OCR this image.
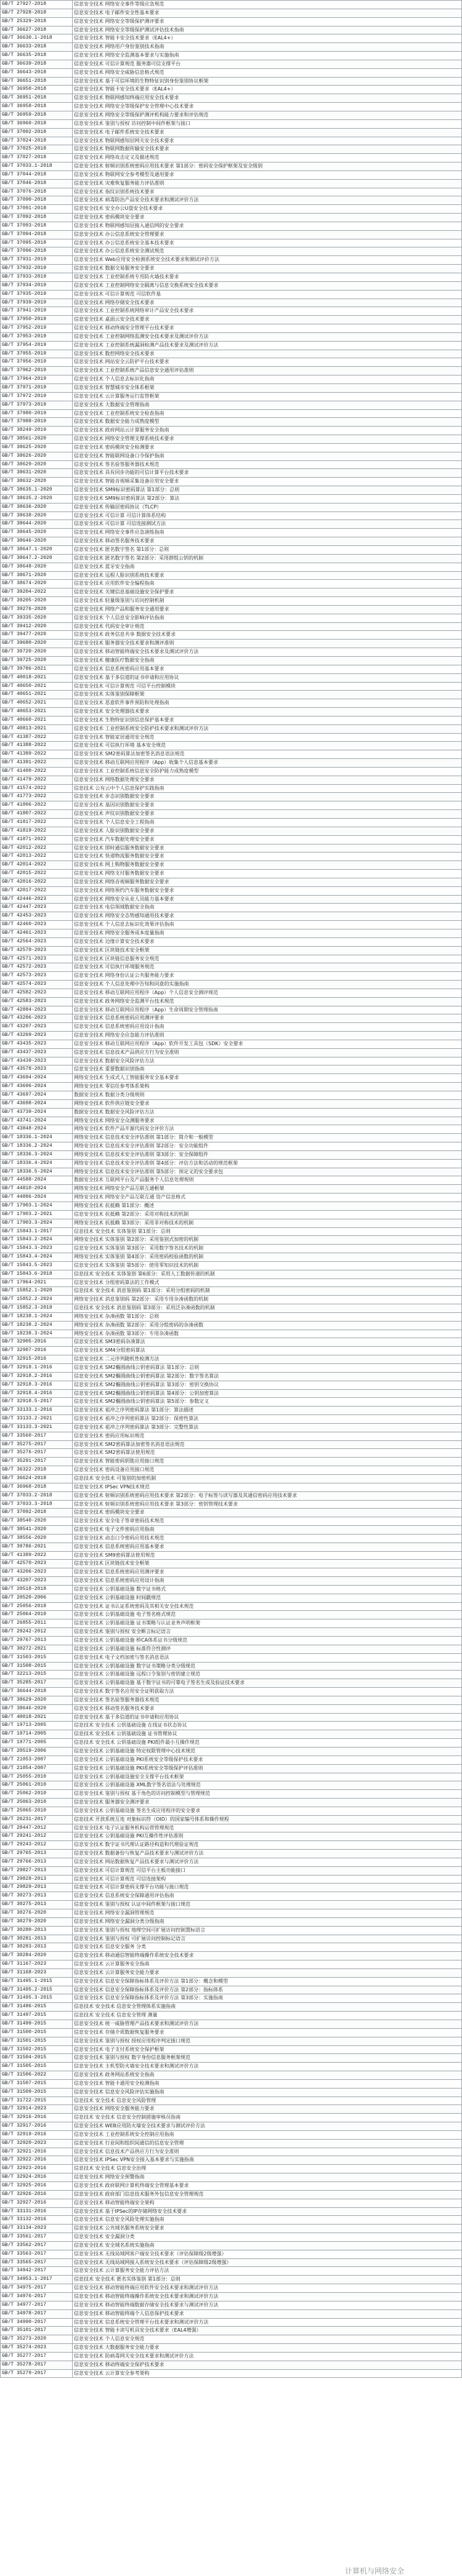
GB/T 27927-2018	信息安全技术 网络安全事件等级应急规范
GB/T 27928-2018	信息安全技术 电子邮件安全性基本要求
GB/T 25329-2018	信息安全技术 网络安全等级保护测评要求
GB/T 36627-2018	信息安全技术 网络安全等级保护测试评估技术指南
GB/T 36630.1-2018	信息安全技术 智能卡安全技术要求（EAL4+）
GB/T 36633-2018	信息安全技术 网络用户身份鉴别技术指南
GB/T 36635-2018	信息安全技术 网络安全监测基本要求与实施指南
GB/T 36639-2018	信息安全技术 可信计算规范 服务器可信支撑平台
GB/T 36643-2018	信息安全技术 网络安全威胁信息格式规范
GB/T 36651-2018	信息安全技术 基于可信环境的生物特征识别身份鉴别协议框架
GB/T 36950-2018	信息安全技术 智能卡安全技术要求（EAL4+）
GB/T 36951-2018	信息安全技术 物联网感知终端应用安全技术要求
GB/T 36958-2018	信息安全技术 网络安全等级保护安全管理中心技术要求
GB/T 36959-2018	信息安全技术 网络安全等级保护测评机构能力要求和评估规范
GB/T 36960-2018	信息安全技术 鉴别与授权 访问控制中间件框架与接口
GB/T 37002-2018	信息安全技术 电子邮件系统安全技术要求
GB/T 37024-2018	信息安全技术 物联网感知层网关安全技术要求
GB/T 37025-2018	信息安全技术 物联网数据传输安全技术要求
GB/T 37027-2018	信息安全技术 网络攻击定义及描述规范
GB/T 37033.1-2018	信息安全技术 射频识别系统密码应用技术要求 第1部分：密码安全保护框架及安全级别
GB/T 37044-2018	信息安全技术 物联网安全参考模型及通用要求
GB/T 37046-2018	信息安全技术 灾难恢复服务能力评估准则
GB/T 37076-2018	信息安全技术 指纹识别系统技术要求
GB/T 37090-2018	信息安全技术 病毒防治产品安全技术要求和测试评价方法
GB/T 37091-2018	信息安全技术 安全办公U盘安全技术要求
GB/T 37092-2018	信息安全技术 密码模块安全要求
GB/T 37093-2018	信息安全技术 物联网感知层接入通信网的安全要求
GB/T 37094-2018	信息安全技术 办公信息系统安全管理要求
GB/T 37095-2018	信息安全技术 办公信息系统安全基本技术要求
GB/T 37096-2018	信息安全技术 办公信息系统安全测试规范
GB/T 37931-2019	信息安全技术 Web应用安全检测系统安全技术要求和测试评价方法
GB/T 37932-2019	信息安全技术 数据交易服务安全要求
GB/T 37933-2019	信息安全技术 工业控制系统专用防火墙技术要求
GB/T 37934-2019	信息安全技术 工业控制网络安全隔离与信息交换系统安全技术要求
GB/T 37935-2019	信息安全技术 可信计算规范 可信软件基
GB/T 37939-2019	信息安全技术 网络存储安全技术要求
GB/T 37941-2019	信息安全技术 工业控制系统网络审计产品安全技术要求
GB/T 37950-2019	信息安全技术 桌面云安全技术要求
GB/T 37952-2019	信息安全技术 移动终端安全管理平台技术要求
GB/T 37953-2019	信息安全技术 工业控制网络监测安全技术要求及测试评价方法
GB/T 37954-2019	信息安全技术 工业控制系统漏洞检测产品技术要求及测试评价方法
GB/T 37955-2019	信息安全技术 数控网络安全技术要求
GB/T 37956-2019	信息安全技术 网站安全云防护平台技术要求
GB/T 37962-2019	信息安全技术 工业控制系统产品信息安全通用评估准则
GB/T 37964-2019	信息安全技术 个人信息去标识化指南
GB/T 37971-2019	信息安全技术 智慧城市安全体系框架
GB/T 37972-2019	信息安全技术 云计算服务运行监管框架
GB/T 37973-2019	信息安全技术 大数据安全管理指南
GB/T 37980-2019	信息安全技术 工业控制系统安全检查指南
GB/T 37988-2019	信息安全技术 数据安全能力成熟度模型
GB/T 38249-2019	信息安全技术 政府网站云计算服务安全指南
GB/T 38561-2020	信息安全技术 网络安全管理支撑系统技术要求
GB/T 38625-2020	信息安全技术 密码模块安全检测要求
GB/T 38626-2020	信息安全技术 智能联网设备口令保护指南
GB/T 38629-2020	信息安全技术 签名验签服务器技术规范
GB/T 38631-2020	信息安全技术 具有同步功能的可信计算平台技术要求
GB/T 38632-2020	信息安全技术 智能音视频采集设备应用安全要求
GB/T 38635.1-2020	信息安全技术 SM9标识密码算法 第1部分：总则
GB/T 38635.2-2020	信息安全技术 SM9标识密码算法 第2部分：算法
GB/T 38636-2020	信息安全技术 传输层密码协议（TLCP）
GB/T 38638-2020	信息安全技术 可信计算 可信计算体系结构
GB/T 38644-2020	信息安全技术 可信计算 可信连接测试方法
GB/T 38645-2020	信息安全技术 网络安全事件应急演练指南
GB/T 38646-2020	信息安全技术 移动签名服务技术要求
GB/T 38647.1-2020	信息安全技术 匿名数字签名 第1部分：总则
GB/T 38647.2-2020	信息安全技术 匿名数字签名 第2部分：采用群组公钥的机制
GB/T 38648-2020	信息安全技术 蓝牙安全指南
GB/T 38671-2020	信息安全技术 远程人脸识别系统技术要求
GB/T 38674-2020	信息安全技术 应用软件安全编程指南
GB/T 39204-2022	信息安全技术 关键信息基础设施安全保护要求
GB/T 39205-2020	信息安全技术 轻量级鉴别与访问控制机制
GB/T 39276-2020	信息安全技术 网络产品和服务安全通用要求
GB/T 39335-2020	信息安全技术 个人信息安全影响评估指南
GB/T 39412-2020	信息安全技术 代码安全审计规范
GB/T 39477-2020	信息安全技术 政务信息共享 数据安全技术要求
GB/T 39680-2020	信息安全技术 服务器安全技术要求和测评准则
GB/T 39720-2020	信息安全技术 移动智能终端安全技术要求及测试评价方法
GB/T 39725-2020	信息安全技术 健康医疗数据安全指南
GB/T 39786-2021	信息安全技术 信息系统密码应用基本要求
GB/T 40018-2021	信息安全技术 基于多信道的证书申请和应用协议
GB/T 40650-2021	信息安全技术 可信计算规范 可信平台控制模块
GB/T 40651-2021	信息安全技术 实体鉴别保障框架
GB/T 40652-2021	信息安全技术 恶意软件事件预防和处理指南
GB/T 40653-2021	信息安全技术 安全处理器技术要求
GB/T 40660-2021	信息安全技术 生物特征识别信息保护基本要求
GB/T 40813-2021	信息安全技术 工业控制系统安全防护技术要求和测试评价方法
GB/T 41387-2022	信息安全技术 智能家居通用安全规范
GB/T 41388-2022	信息安全技术 可信执行环境 基本安全规范
GB/T 41389-2022	信息安全技术 SM2密码算法加密签名消息语法规范
GB/T 41391-2022	信息安全技术 移动互联网应用程序（App）收集个人信息基本要求
GB/T 41400-2022	信息安全技术 工业控制系统信息安全防护能力成熟度模型
GB/T 41479-2022	信息安全技术 网络数据处理安全要求
GB/T 41574-2022	信息技术 公有云中个人信息保护实践指南
GB/T 41773-2022	信息安全技术 步态识别数据安全要求
GB/T 41806-2022	信息安全技术 基因识别数据安全要求
GB/T 41807-2022	信息安全技术 声纹识别数据安全要求
GB/T 41817-2022	信息安全技术 个人信息安全工程指南
GB/T 41819-2022	信息安全技术 人脸识别数据安全要求
GB/T 41871-2022	信息安全技术 汽车数据处理安全要求
GB/T 42012-2022	信息安全技术 即时通信服务数据安全要求
GB/T 42013-2022	信息安全技术 快递物流服务数据安全要求
GB/T 42014-2022	信息安全技术 网上购物服务数据安全要求
GB/T 42015-2022	信息安全技术 网络支付服务数据安全要求
GB/T 42016-2022	信息安全技术 网络音视频服务数据安全要求
GB/T 42017-2022	信息安全技术 网络预约汽车服务数据安全要求
GB/T 42446-2023	信息安全技术 网络安全从业人员能力基本要求
GB/T 42447-2023	信息安全技术 电信领域数据安全指南
GB/T 42453-2023	信息安全技术 网络安全态势感知通用技术要求
GB/T 42460-2023	信息安全技术 个人信息去标识化效果评估指南
GB/T 42461-2023	信息安全技术 网络安全服务成本度量指南
GB/T 42564-2023	信息安全技术 边缘计算安全技术要求
GB/T 42570-2023	信息安全技术 区块链技术安全框架
GB/T 42571-2023	信息安全技术 区块链信息服务安全规范
GB/T 42572-2023	信息安全技术 可信执行环境服务规范
GB/T 42573-2023	信息安全技术 网络身份认证公共服务能力要求
GB/T 42574-2023	信息安全技术 个人信息处理中告知和同意的实施指南
GB/T 42582-2023	信息安全技术 移动互联网应用程序（App）个人信息安全测评规范
GB/T 42583-2023	信息安全技术 政务网络安全监测平台技术规范
GB/T 42884-2023	信息安全技术 移动互联网应用程序（App）生命周期安全管理指南
GB/T 43206-2023	信息安全技术 信息系统密码应用测评要求
GB/T 43207-2023	信息安全技术 信息系统密码应用设计指南
GB/T 43269-2023	信息安全技术 网络安全应急能力评估准则
GB/T 43435-2023	信息安全技术 移动互联网应用程序（App）软件开发工具包（SDK）安全要求
GB/T 43437-2023	信息安全技术 信息技术产品供应方行为安全准则
GB/T 43439-2023	信息安全技术 数据安全风险评估方法
GB/T 43578-2023	信息安全技术 重要数据识别指南
GB/T 43694-2024	网络安全技术 生成式人工智能服务安全基本要求
GB/T 43696-2024	网络安全技术 零信任参考体系架构
GB/T 43697-2024	数据安全技术 数据分类分级规则
GB/T 43698-2024	网络安全技术 软件供应链安全要求
GB/T 43739-2024	数据安全技术 数据安全风险评估方法
GB/T 43741-2024	网络安全技术 网络安全众测服务要求
GB/T 43848-2024	网络安全技术 软件产品开源代码安全评价方法
GB/T 18336.1-2024	网络安全技术 信息技术安全评估准则 第1部分：简介和一般模型
GB/T 18336.2-2024	网络安全技术 信息技术安全评估准则 第2部分：安全功能组件
GB/T 18336.3-2024	网络安全技术 信息技术安全评估准则 第3部分：安全保障组件
GB/T 18336.4-2024	网络安全技术 信息技术安全评估准则 第4部分：评估方法和活动的规范框架
GB/T 18336.5-2024	网络安全技术 信息技术安全评估准则 第5部分：预定义的安全要求包
GB/T 44588-2024	数据安全技术 互联网平台及产品服务个人信息处理规则
GB/T 44810-2024	网络安全技术 网络安全产品互联互通框架
GB/T 44886-2024	网络安全技术 网络安全产品互联互通 资产信息格式
GB/T 17903.1-2024	网络安全技术 抗抵赖 第1部分：概述
GB/T 17903.2-2021	信息安全技术 抗抵赖 第2部分：采用对称技术的机制
GB/T 17903.3-2024	网络安全技术 抗抵赖 第3部分：采用非对称技术的机制
GB/T 15843.1-2017	信息技术 安全技术 实体鉴别 第1部分：总则
GB/T 15843.2-2024	网络安全技术 实体鉴别 第2部分：采用鉴别式加密的机制
GB/T 15843.3-2023	信息安全技术 实体鉴别 第3部分：采用数字签名技术的机制
GB/T 15843.4-2024	网络安全技术 实体鉴别 第4部分：采用密码校验函数的机制
GB/T 15843.5-2023	信息安全技术 实体鉴别 第5部分：使用零知识技术的机制
GB/T 15843.6-2018	信息技术 安全技术 实体鉴别 第6部分：采用人工数据传递的机制
GB/T 17964-2021	信息安全技术 分组密码算法的工作模式
GB/T 15852.1-2020	信息技术 安全技术 消息鉴别码 第1部分：采用分组密码的机制
GB/T 15852.2-2024	网络安全技术 消息鉴别码 第2部分：采用专用杂凑函数的机制
GB/T 15852.3-2019	信息技术 安全技术 消息鉴别码 第3部分：采用泛杂凑函数的机制
GB/T 18238.1-2024	网络安全技术 杂凑函数 第1部分：总则
GB/T 18238.2-2024	网络安全技术 杂凑函数 第2部分：采用分组密码的杂凑函数
GB/T 18238.3-2024	网络安全技术 杂凑函数 第3部分：专用杂凑函数
GB/T 32905-2016	信息安全技术 SM3密码杂凑算法
GB/T 32907-2016	信息安全技术 SM4分组密码算法
GB/T 32915-2016	信息安全技术 二元序列随机性检测方法
GB/T 32918.1-2016	信息安全技术 SM2椭圆曲线公钥密码算法 第1部分：总则
GB/T 32918.2-2016	信息安全技术 SM2椭圆曲线公钥密码算法 第2部分：数字签名算法
GB/T 32918.3-2016	信息安全技术 SM2椭圆曲线公钥密码算法 第3部分：密钥交换协议
GB/T 32918.4-2016	信息安全技术 SM2椭圆曲线公钥密码算法 第4部分：公钥加密算法
GB/T 32918.5-2017	信息安全技术 SM2椭圆曲线公钥密码算法 第5部分：参数定义
GB/T 33133.1-2016	信息安全技术 祖冲之序列密码算法 第1部分：算法描述
GB/T 33133.2-2021	信息安全技术 祖冲之序列密码算法 第2部分：保密性算法
GB/T 33133.3-2021	信息安全技术 祖冲之序列密码算法 第3部分：完整性算法
GB/T 33560-2017	信息安全技术 密码应用标识规范
GB/T 35275-2017	信息安全技术 SM2密码算法加密签名消息语法规范
GB/T 35276-2017	信息安全技术 SM2密码算法使用规范
GB/T 35291-2017	信息安全技术 智能密码钥匙应用接口规范
GB/T 36322-2018	信息安全技术 密码设备应用接口规范
GB/T 36624-2018	信息技术 安全技术 可鉴别的加密机制
GB/T 36968-2018	信息安全技术 IPSec VPN技术规范
GB/T 37033.2-2018	信息安全技术 射频识别系统密码应用技术要求 第2部分：电子标签与读写器及其通信密码应用技术要求
GB/T 37033.3-2018	信息安全技术 射频识别系统密码应用技术要求 第3部分：密钥管理技术要求
GB/T 37092-2018	信息安全技术 密码模块安全要求
GB/T 38540-2020	信息安全技术 安全电子签章密码技术规范
GB/T 38541-2020	信息安全技术 电子文件密码应用指南
GB/T 38556-2020	信息安全技术 动态口令密码应用技术规范
GB/T 39786-2021	信息安全技术 信息系统密码应用基本要求
GB/T 41389-2022	信息安全技术 SM9密码算法使用规范
GB/T 42570-2023	信息安全技术 区块链技术安全框架
GB/T 43206-2023	信息安全技术 信息系统密码应用测评要求
GB/T 43207-2023	信息安全技术 信息系统密码应用设计指南
GB/T 20518-2018	信息安全技术 公钥基础设施 数字证书格式
GB/T 20520-2006	信息安全技术 公钥基础设施 时间戳规范
GB/T 25056-2018	信息安全技术 证书认证系统密码及其相关安全技术规范
GB/T 25064-2010	信息安全技术 公钥基础设施 电子签名格式规范
GB/T 26855-2011	信息安全技术 公钥基础设施 证书策略与认证业务声明框架
GB/T 29242-2012	信息安全技术 鉴别与授权 安全断言标记语言
GB/T 29767-2013	信息安全技术 公钥基础设施 桥CA体系证书分级规范
GB/T 30272-2021	信息安全技术 公钥基础设施 标准符合性测评
GB/T 31503-2015	信息安全技术 电子文档加密与签名消息语法
GB/T 31508-2015	信息安全技术 公钥基础设施 数字证书策略分类分级规范
GB/T 32213-2015	信息安全技术 公钥基础设施 远程口令鉴别与密钥建立规范
GB/T 35285-2017	信息安全技术 公钥基础设施 基于数字证书的可靠电子签名生成及验证技术要求
GB/T 36644-2018	信息安全技术 数字签名应用安全证明获取方法
GB/T 38629-2020	信息安全技术 签名验签服务器技术规范
GB/T 38646-2020	信息安全技术 移动签名服务技术要求
GB/T 40018-2021	信息安全技术 基于多信道的证书申请和应用协议
GB/T 19713-2005	信息技术 安全技术 公钥基础设施 在线证书状态协议
GB/T 19714-2005	信息技术 安全技术 公钥基础设施 证书管理协议
GB/T 19771-2005	信息技术 安全技术 公钥基础设施 PKI组件最小互操作规范
GB/T 20519-2006	信息安全技术 公钥基础设施 特定权限管理中心技术规范
GB/T 21053-2007	信息安全技术 公钥基础设施 PKI系统安全等级保护技术要求
GB/T 21054-2007	信息安全技术 公钥基础设施 PKI系统安全等级保护评估准则
GB/T 25055-2010	信息安全技术 公钥基础设施安全支撑平台技术框架
GB/T 25061-2010	信息安全技术 公钥基础设施 XML数字签名语法与处理规范
GB/T 25062-2010	信息安全技术 鉴别与授权 基于角色的访问控制模型与管理规范
GB/T 25063-2010	信息安全技术 服务器安全测评要求
GB/T 25065-2010	信息安全技术 公钥基础设施 签名生成应用程序的安全要求
GB/T 26231-2017	信息技术 开放系统互连 对象标识符（OID）的国家编号体系和操作规程
GB/T 28447-2012	信息安全技术 电子认证服务机构运营管理规范
GB/T 29241-2012	信息安全技术 公钥基础设施 PKI互操作性评估准则
GB/T 29243-2012	信息安全技术 数字证书代理认证路径构造和代理验证规范
GB/T 29765-2013	信息安全技术 数据备份与恢复产品技术要求与测试评价方法
GB/T 29766-2013	信息安全技术 网站数据恢复产品技术要求与测试评价方法
GB/T 29827-2013	信息安全技术 可信计算规范 可信平台主板功能接口
GB/T 29828-2013	信息安全技术 可信计算规范 可信连接架构
GB/T 29829-2013	信息安全技术 可信计算密码支撑平台功能与接口规范
GB/T 30273-2013	信息安全技术 信息系统安全保障通用评估指南
GB/T 30275-2013	信息安全技术 鉴别与授权 认证中间件框架与接口规范
GB/T 30276-2020	信息安全技术 网络安全漏洞管理规范
GB/T 30279-2020	信息安全技术 网络安全漏洞分类分级指南
GB/T 30280-2013	信息安全技术 鉴别与授权 地理空间可扩展访问控制置标语言
GB/T 30281-2013	信息安全技术 鉴别与授权 可扩展访问控制标记语言
GB/T 30283-2013	信息安全技术 信息安全服务 分类
GB/T 30284-2020	信息安全技术 移动通信智能终端操作系统安全技术要求
GB/T 31167-2023	信息安全技术 云计算服务安全指南
GB/T 31168-2023	信息安全技术 云计算服务安全能力要求
GB/T 31495.1-2015	信息安全技术 信息安全保障指标体系及评价方法 第1部分：概念和模型
GB/T 31495.2-2015	信息安全技术 信息安全保障指标体系及评价方法 第2部分：指标体系
GB/T 31495.3-2015	信息安全技术 信息安全保障指标体系及评价方法 第3部分：实施指南
GB/T 31496-2015	信息技术 安全技术 信息安全管理体系实施指南
GB/T 31497-2015	信息技术 安全技术 信息安全管理 测量
GB/T 31499-2015	信息安全技术 统一威胁管理产品技术要求和测试评价方法
GB/T 31500-2015	信息安全技术 存储介质数据恢复服务要求
GB/T 31501-2015	信息安全技术 鉴别与授权 授权应用程序判定接口规范
GB/T 31502-2015	信息安全技术 电子支付系统安全保护框架
GB/T 31504-2015	信息安全技术 鉴别与授权 数字身份信息服务框架规范
GB/T 31505-2015	信息安全技术 主机型防火墙安全技术要求和测试评价方法
GB/T 31506-2022	信息安全技术 政务网站系统安全指南
GB/T 31507-2015	信息安全技术 智能卡通用安全检测指南
GB/T 31509-2015	信息安全技术 信息安全风险评估实施指南
GB/T 31722-2015	信息技术 安全技术 信息安全风险管理
GB/T 32914-2023	信息安全技术 网络安全服务能力要求
GB/T 32916-2016	信息技术 安全技术 信息安全控制措施审核员指南
GB/T 32917-2016	信息安全技术 WEB应用防火墙安全技术要求与测试评价方法
GB/T 32919-2016	信息安全技术 工业控制系统安全控制应用指南
GB/T 32920-2023	信息安全技术 行业间和组织间通信的信息安全管理
GB/T 32921-2016	信息安全技术 信息技术产品供应方行为安全准则
GB/T 32922-2016	信息安全技术 IPSec VPN安全接入基本要求与实施指南
GB/T 32923-2016	信息技术 安全技术 信息安全治理
GB/T 32924-2016	信息安全技术 网络安全预警指南
GB/T 32925-2016	信息安全技术 政府联网计算机终端安全管理基本要求
GB/T 32926-2016	信息安全技术 政府部门信息技术服务外包信息安全管理规范
GB/T 32927-2016	信息安全技术 移动智能终端安全架构
GB/T 33131-2016	信息安全技术 基于IPSec的IP存储网络安全技术要求
GB/T 33132-2016	信息安全技术 信息安全风险处理实施指南
GB/T 33134-2023	信息安全技术 公共域名服务系统安全要求
GB/T 33561-2017	信息安全技术 安全漏洞分类
GB/T 33562-2017	信息安全技术 安全域名系统实施指南
GB/T 33563-2017	信息安全技术 无线局域网客户端安全技术要求（评估保障级2级增强）
GB/T 33565-2017	信息安全技术 无线局域网接入系统安全技术要求（评估保障级2级增强）
GB/T 34942-2017	信息安全技术 云计算服务安全能力评估方法
GB/T 34953.1-2017	信息技术 安全技术 匿名实体鉴别 第1部分：总则
GB/T 34975-2017	信息安全技术 移动智能终端应用软件安全技术要求和测试评价方法
GB/T 34976-2017	信息安全技术 移动智能终端操作系统安全技术要求和测试评价方法
GB/T 34977-2017	信息安全技术 移动智能终端数据存储安全技术要求与测试评价方法
GB/T 34978-2017	信息安全技术 移动智能终端个人信息保护技术要求
GB/T 34990-2017	信息安全技术 信息系统安全管理平台技术要求和测试评价方法
GB/T 35101-2017	信息安全技术 智能卡读写机具安全技术要求（EAL4增强）
GB/T 35273-2020	信息安全技术 个人信息安全规范
GB/T 35274-2023	信息安全技术 大数据服务安全能力要求
GB/T 35277-2017	信息安全技术 防病毒网关安全技术要求和测试评价方法
GB/T 35278-2017	信息安全技术 移动终端安全保护技术要求
GB/T 35279-2017	信息安全技术 云计算安全参考架构
计算机与网络安全
